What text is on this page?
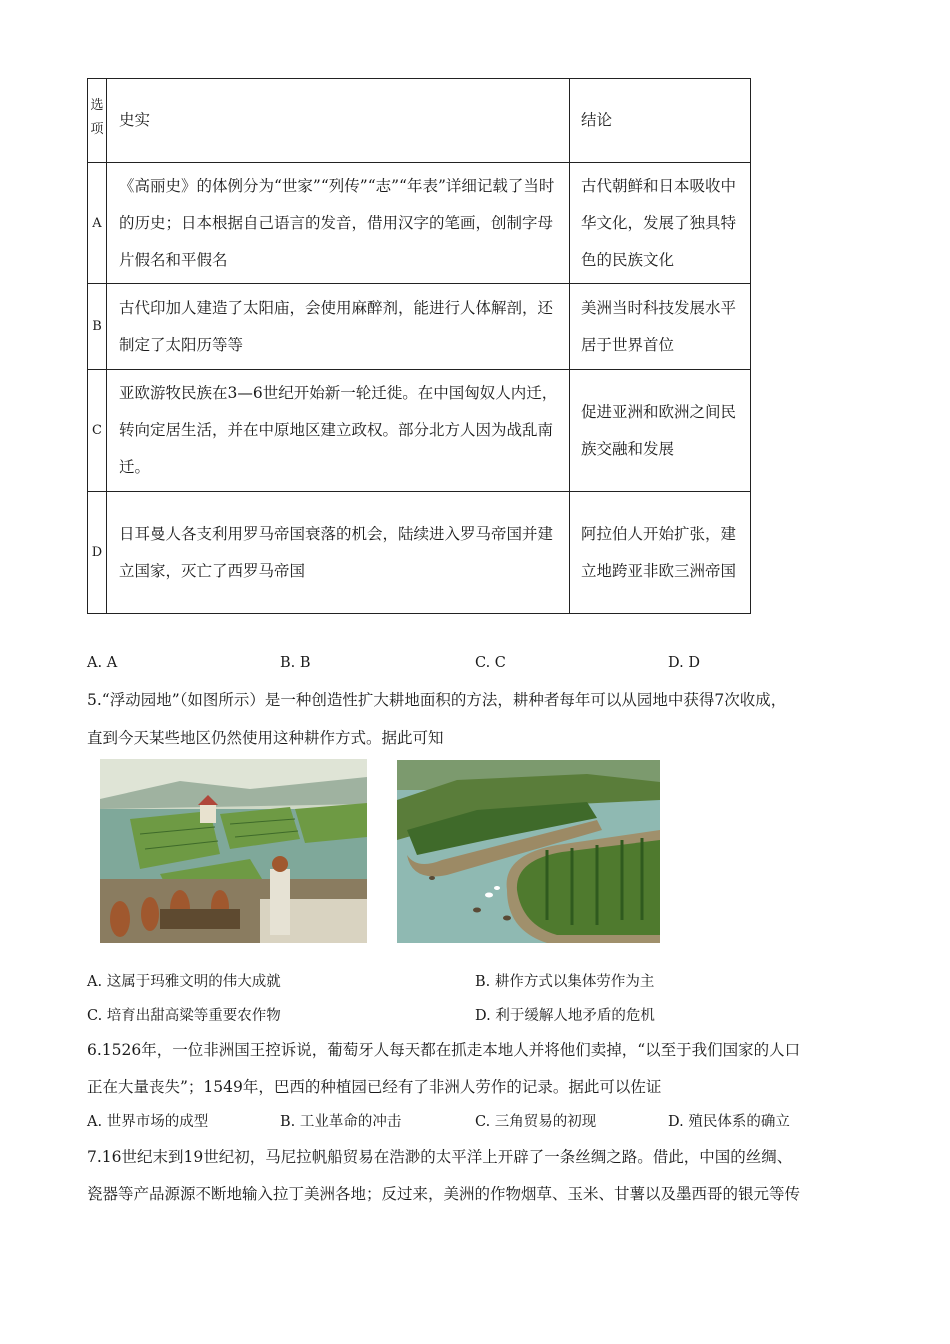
选项	史实	结论
A	《高丽史》的体例分为“世家”“列传”“志”“年表”详细记载了当时的历史；日本根据自己语言的发音，借用汉字的笔画，创制字母片假名和平假名	古代朝鲜和日本吸收中华文化，发展了独具特色的民族文化
B	古代印加人建造了太阳庙，会使用麻醉剂，能进行人体解剖，还制定了太阳历等等	美洲当时科技发展水平居于世界首位
C	亚欧游牧民族在3—6世纪开始新一轮迁徙。在中国匈奴人内迁，转向定居生活，并在中原地区建立政权。部分北方人因为战乱南迁。	促进亚洲和欧洲之间民族交融和发展
D	日耳曼人各支利用罗马帝国衰落的机会，陆续进入罗马帝国并建立国家，灭亡了西罗马帝国	阿拉伯人开始扩张，建立地跨亚非欧三洲帝国
A. A	B. B	C. C	D. D
5.“浮动园地”（如图所示）是一种创造性扩大耕地面积的方法，耕种者每年可以从园地中获得7次收成，
直到今天某些地区仍然使用这种耕作方式。据此可知
A. 这属于玛雅文明的伟大成就	B. 耕作方式以集体劳作为主
C. 培育出甜高粱等重要农作物	D. 利于缓解人地矛盾的危机
6.1526年，一位非洲国王控诉说，葡萄牙人每天都在抓走本地人并将他们卖掉，“以至于我们国家的人口
正在大量丧失”；1549年，巴西的种植园已经有了非洲人劳作的记录。据此可以佐证
A. 世界市场的成型	B. 工业革命的冲击	C. 三角贸易的初现	D. 殖民体系的确立
7.16世纪末到19世纪初，马尼拉帆船贸易在浩渺的太平洋上开辟了一条丝绸之路。借此，中国的丝绸、
瓷器等产品源源不断地输入拉丁美洲各地；反过来，美洲的作物烟草、玉米、甘薯以及墨西哥的银元等传
